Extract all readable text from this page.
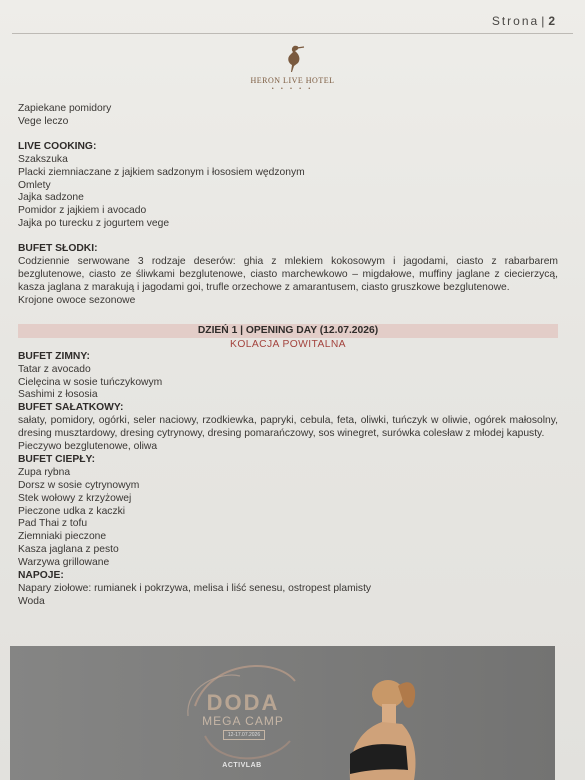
Strona | 2
HERON LIVE HOTEL
• • • • •
Zapiekane pomidory
Vege leczo
LIVE COOKING:
Szakszuka
Placki ziemniaczane z jajkiem sadzonym i łososiem wędzonym
Omlety
Jajka sadzone
Pomidor z jajkiem i avocado
Jajka po turecku z jogurtem vege
BUFET SŁODKI:
Codziennie serwowane 3 rodzaje deserów: ghia z mlekiem kokosowym i jagodami, ciasto z rabarbarem bezglutenowe, ciasto ze śliwkami bezglutenowe, ciasto marchewkowo – migdałowe, muffiny jaglane z ciecierzycą, kasza jaglana z marakują i jagodami goi, trufle orzechowe z amarantusem, ciasto gruszkowe bezglutenowe.
Krojone owoce sezonowe
DZIEŃ 1 | OPENING DAY (12.07.2026)
KOLACJA POWITALNA
BUFET ZIMNY:
Tatar z avocado
Cielęcina w sosie tuńczykowym
Sashimi z łososia
BUFET SAŁATKOWY:
sałaty, pomidory, ogórki, seler naciowy, rzodkiewka, papryki, cebula, feta, oliwki, tuńczyk w oliwie, ogórek małosolny, dresing musztardowy, dresing cytrynowy, dresing pomarańczowy, sos winegret, surówka colesław z młodej kapusty.
Pieczywo bezglutenowe, oliwa
BUFET CIEPŁY:
Zupa rybna
Dorsz w sosie cytrynowym
Stek wołowy z krzyżowej
Pieczone udka z kaczki
Pad Thai z tofu
Ziemniaki pieczone
Kasza jaglana z pesto
Warzywa grillowane
NAPOJE:
Napary ziołowe: rumianek i pokrzywa, melisa i liść senesu, ostropest plamisty
Woda
DODA
MEGA CAMP
12-17.07.2026
ACTIVLAB
